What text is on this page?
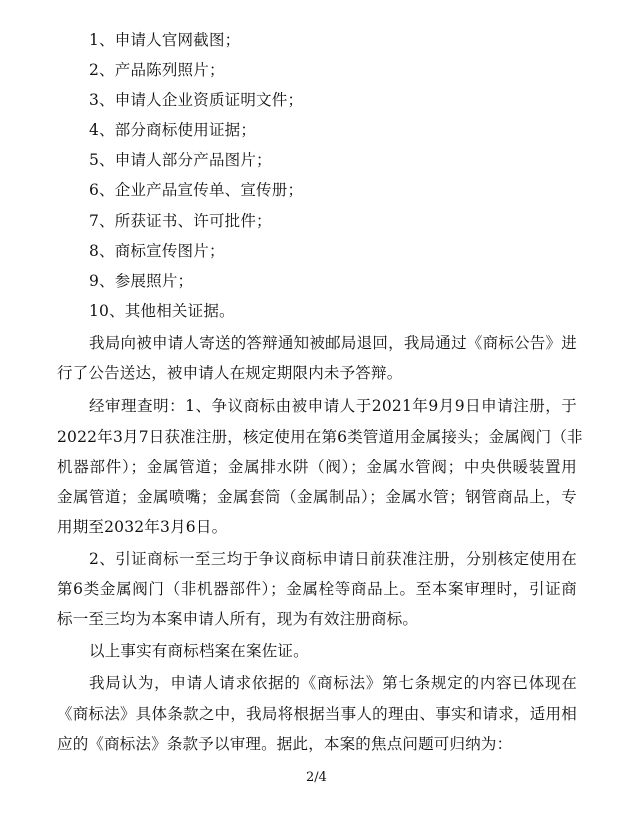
1、申请人官网截图；
2、产品陈列照片；
3、申请人企业资质证明文件；
4、部分商标使用证据；
5、申请人部分产品图片；
6、企业产品宣传单、宣传册；
7、所获证书、许可批件；
8、商标宣传图片；
9、参展照片；
10、其他相关证据。
我局向被申请人寄送的答辩通知被邮局退回，我局通过《商标公告》进
行了公告送达，被申请人在规定期限内未予答辩。
经审理查明：1、争议商标由被申请人于2021年9月9日申请注册，于
2022年3月7日获准注册，核定使用在第6类管道用金属接头；金属阀门（非
机器部件）；金属管道；金属排水阱（阀）；金属水管阀；中央供暖装置用
金属管道；金属喷嘴；金属套筒（金属制品）；金属水管；钢管商品上，专
用期至2032年3月6日。
2、引证商标一至三均于争议商标申请日前获准注册，分别核定使用在
第6类金属阀门（非机器部件）；金属栓等商品上。至本案审理时，引证商
标一至三均为本案申请人所有，现为有效注册商标。
以上事实有商标档案在案佐证。
我局认为，申请人请求依据的《商标法》第七条规定的内容已体现在
《商标法》具体条款之中，我局将根据当事人的理由、事实和请求，适用相
应的《商标法》条款予以审理。据此，本案的焦点问题可归纳为：
2/4
